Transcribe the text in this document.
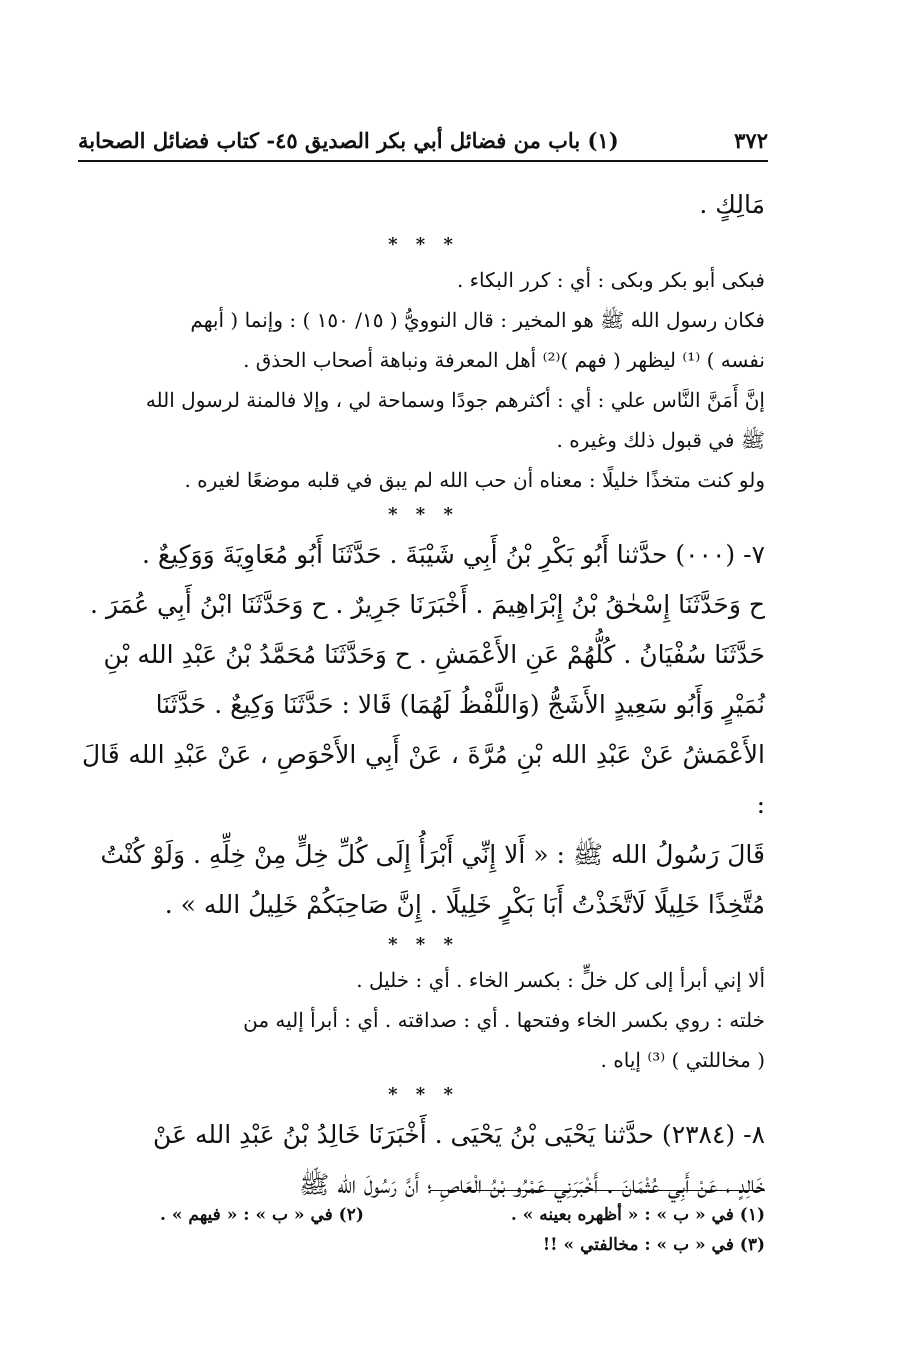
٣٧٢
(١) باب من فضائل أبي بكر الصديق ٤٥- كتاب فضائل الصحابة
مَالِكٍ .
* * *
فبكى أبو بكر وبكى : أي : كرر البكاء .
فكان رسول الله ﷺ هو المخير : قال النوويُّ ( ١٥/ ١٥٠ ) : وإنما ( أبهم
نفسه ) ⁽¹⁾ ليظهر ( فهم )⁽²⁾ أهل المعرفة ونباهة أصحاب الحذق .
إنَّ أَمَنَّ النَّاس علي : أي : أكثرهم جودًا وسماحة لي ، وإلا فالمنة لرسول الله
ﷺ في قبول ذلك وغيره .
ولو كنت متخذًا خليلًا : معناه أن حب الله لم يبق في قلبه موضعًا لغيره .
* * *
٧- (٠٠٠) حدَّثنا أَبُو بَكْرِ بْنُ أَبِي شَيْبَةَ . حَدَّثَنَا أَبُو مُعَاوِيَةَ وَوَكِيعٌ .
ح وَحَدَّثَنَا إِسْحٰقُ بْنُ إِبْرَاهِيمَ . أَخْبَرَنَا جَرِيرٌ . ح وَحَدَّثَنَا ابْنُ أَبِي عُمَرَ .
حَدَّثَنَا سُفْيَانُ . كُلُّهُمْ عَنِ الأَعْمَشِ . ح وَحَدَّثَنَا مُحَمَّدُ بْنُ عَبْدِ الله بْنِ
نُمَيْرٍ وَأَبُو سَعِيدٍ الأَشَجُّ (وَاللَّفْظُ لَهُمَا) قَالا : حَدَّثَنَا وَكِيعٌ . حَدَّثَنَا
الأَعْمَشُ عَنْ عَبْدِ الله بْنِ مُرَّةَ ، عَنْ أَبِي الأَحْوَصِ ، عَنْ عَبْدِ الله قَالَ :
قَالَ رَسُولُ الله ﷺ : « أَلا إِنِّي أَبْرَأُ إِلَى كُلِّ خِلٍّ مِنْ خِلِّهِ . وَلَوْ كُنْتُ
مُتَّخِذًا خَلِيلًا لَاتَّخَذْتُ أَبَا بَكْرٍ خَلِيلًا . إِنَّ صَاحِبَكُمْ خَلِيلُ الله » .
* * *
ألا إني أبرأ إلى كل خلٍّ : بكسر الخاء . أي : خليل .
خلته : روي بكسر الخاء وفتحها . أي : صداقته . أي : أبرأ إليه من
( مخاللتي ) ⁽³⁾ إياه .
* * *
٨- (٢٣٨٤) حدَّثنا يَحْيَى بْنُ يَحْيَى . أَخْبَرَنَا خَالِدُ بْنُ عَبْدِ الله عَنْ
خَالِدٍ ، عَنْ أَبِي عُثْمَانَ . أَخْبَرَنِي عَمْرُو بْنُ الْعَاصِ ؛ أَنَّ رَسُولَ الله ﷺ
(١) في « ب » : « أظهره بعينه » .
(٢) في « ب » : « فيهم » .
(٣) في « ب » : مخالفتي » !!
